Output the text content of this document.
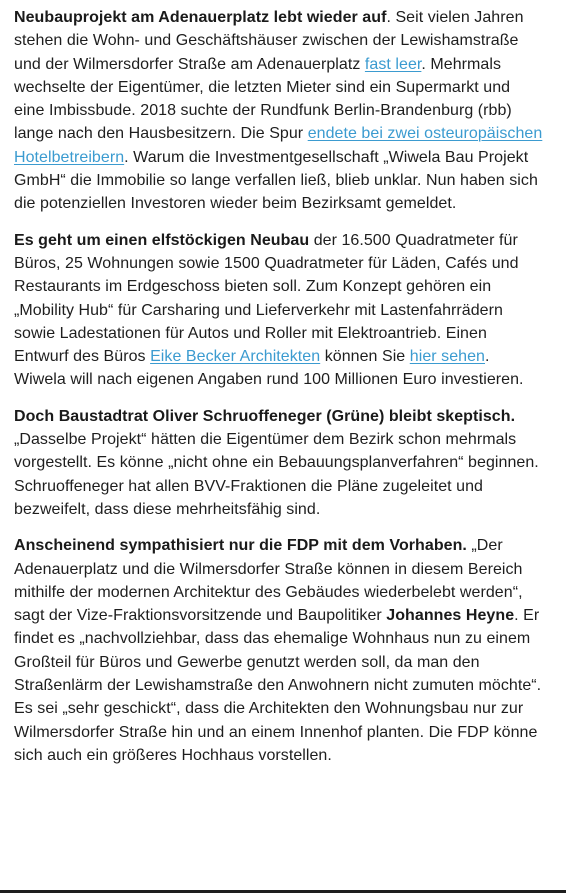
Neubauprojekt am Adenauerplatz lebt wieder auf. Seit vielen Jahren stehen die Wohn- und Geschäftshäuser zwischen der Lewishamstraße und der Wilmersdorfer Straße am Adenauerplatz fast leer. Mehrmals wechselte der Eigentümer, die letzten Mieter sind ein Supermarkt und eine Imbissbude. 2018 suchte der Rundfunk Berlin-Brandenburg (rbb) lange nach den Hausbesitzern. Die Spur endete bei zwei osteuropäischen Hotelbetreibern. Warum die Investmentgesellschaft „Wiwela Bau Projekt GmbH“ die Immobilie so lange verfallen ließ, blieb unklar. Nun haben sich die potenziellen Investoren wieder beim Bezirksamt gemeldet.

Es geht um einen elfstöckigen Neubau der 16.500 Quadratmeter für Büros, 25 Wohnungen sowie 1500 Quadratmeter für Läden, Cafés und Restaurants im Erdgeschoss bieten soll. Zum Konzept gehören ein „Mobility Hub“ für Carsharing und Lieferverkehr mit Lastenfahrrädern sowie Ladestationen für Autos und Roller mit Elektroantrieb. Einen Entwurf des Büros Eike Becker Architekten können Sie hier sehen. Wiwela will nach eigenen Angaben rund 100 Millionen Euro investieren.

Doch Baustadtrat Oliver Schruoffeneger (Grüne) bleibt skeptisch. „Dasselbe Projekt“ hätten die Eigentümer dem Bezirk schon mehrmals vorgestellt. Es könne „nicht ohne ein Bebauungsplanverfahren“ beginnen. Schruoffeneger hat allen BVV-Fraktionen die Pläne zugeleitet und bezweifelt, dass diese mehrheitsfähig sind.

Anscheinend sympathisiert nur die FDP mit dem Vorhaben. „Der Adenauerplatz und die Wilmersdorfer Straße können in diesem Bereich mithilfe der modernen Architektur des Gebäudes wiederbelebt werden“, sagt der Vize-Fraktionsvorsitzende und Baupolitiker Johannes Heyne. Er findet es „nachvollziehbar, dass das ehemalige Wohnhaus nun zu einem Großteil für Büros und Gewerbe genutzt werden soll, da man den Straßenlärm der Lewishamstraße den Anwohnern nicht zumuten möchte“. Es sei „sehr geschickt“, dass die Architekten den Wohnungsbau nur zur Wilmersdorfer Straße hin und an einem Innenhof planten. Die FDP könne sich auch ein größeres Hochhaus vorstellen.
